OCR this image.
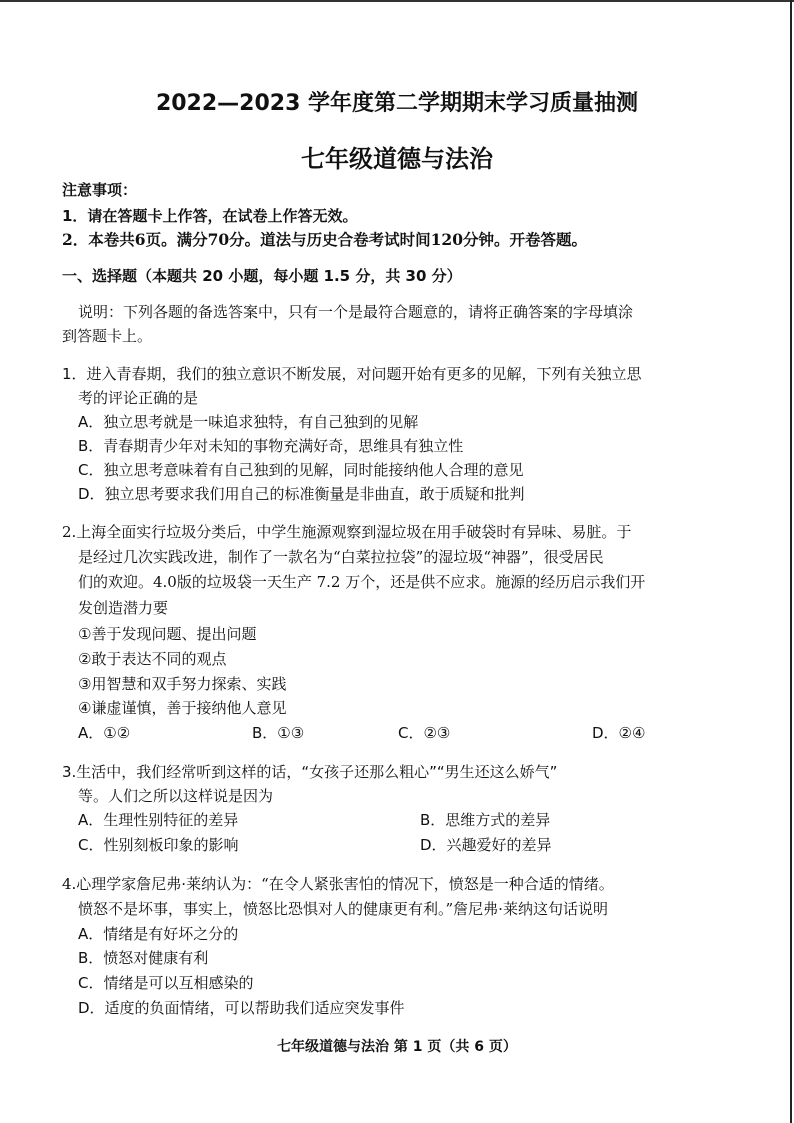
2022—2023 学年度第二学期期末学习质量抽测
七年级道德与法治
注意事项：
1．请在答题卡上作答，在试卷上作答无效。
2．本卷共6页。满分70分。道法与历史合卷考试时间120分钟。开卷答题。
一、选择题（本题共 20 小题，每小题 1.5 分，共 30 分）
说明：下列各题的备选答案中，只有一个是最符合题意的，请将正确答案的字母填涂
到答题卡上。
1．进入青春期，我们的独立意识不断发展，对问题开始有更多的见解，下列有关独立思
考的评论正确的是
A．独立思考就是一味追求独特，有自己独到的见解
B．青春期青少年对未知的事物充满好奇，思维具有独立性
C．独立思考意味着有自己独到的见解，同时能接纳他人合理的意见
D．独立思考要求我们用自己的标准衡量是非曲直，敢于质疑和批判
2.上海全面实行垃圾分类后，中学生施源观察到湿垃圾在用手破袋时有异味、易脏。于
是经过几次实践改进，制作了一款名为“白菜拉拉袋”的湿垃圾“神器”，很受居民
们的欢迎。4.0版的垃圾袋一天生产 7.2 万个，还是供不应求。施源的经历启示我们开
发创造潜力要
①善于发现问题、提出问题
②敢于表达不同的观点
③用智慧和双手努力探索、实践
④谦虚谨慎，善于接纳他人意见
A．①②	B．①③	C．②③	D．②④
3.生活中，我们经常听到这样的话，“女孩子还那么粗心”“男生还这么娇气”
等。人们之所以这样说是因为
A．生理性别特征的差异	B．思维方式的差异
C．性别刻板印象的影响	D．兴趣爱好的差异
4.心理学家詹尼弗·莱纳认为：“在令人紧张害怕的情况下，愤怒是一种合适的情绪。
愤怒不是坏事，事实上，愤怒比恐惧对人的健康更有利。”詹尼弗·莱纳这句话说明
A．情绪是有好坏之分的
B．愤怒对健康有利
C．情绪是可以互相感染的
D．适度的负面情绪，可以帮助我们适应突发事件
七年级道德与法治 第 1 页（共 6 页）
